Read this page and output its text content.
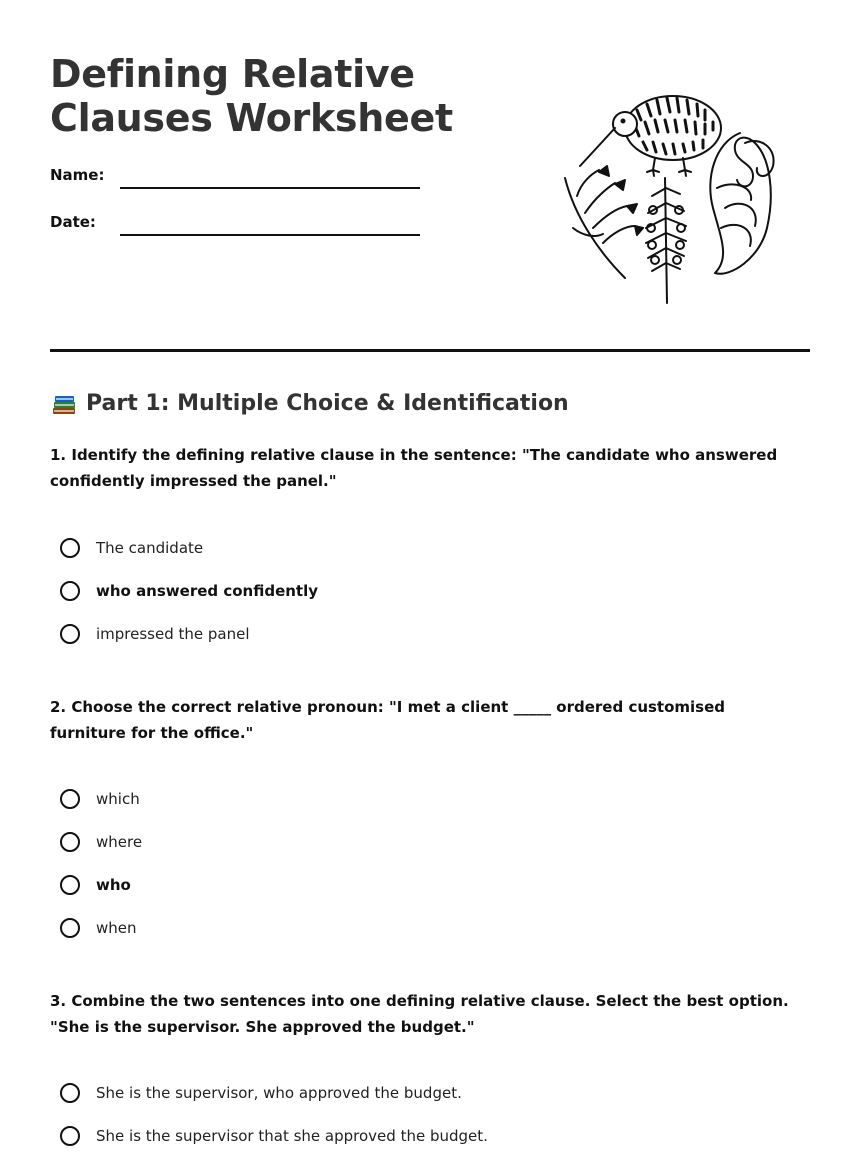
Defining Relative
Clauses Worksheet
Name:
Date:
Part 1: Multiple Choice & Identification

1. Identify the defining relative clause in the sentence: "The candidate who answered confidently impressed the panel."

The candidate
who answered confidently
impressed the panel

2. Choose the correct relative pronoun: "I met a client _____ ordered customised furniture for the office."

which
where
who
when

3. Combine the two sentences into one defining relative clause. Select the best option. "She is the supervisor. She approved the budget."

She is the supervisor, who approved the budget.
She is the supervisor that she approved the budget.
